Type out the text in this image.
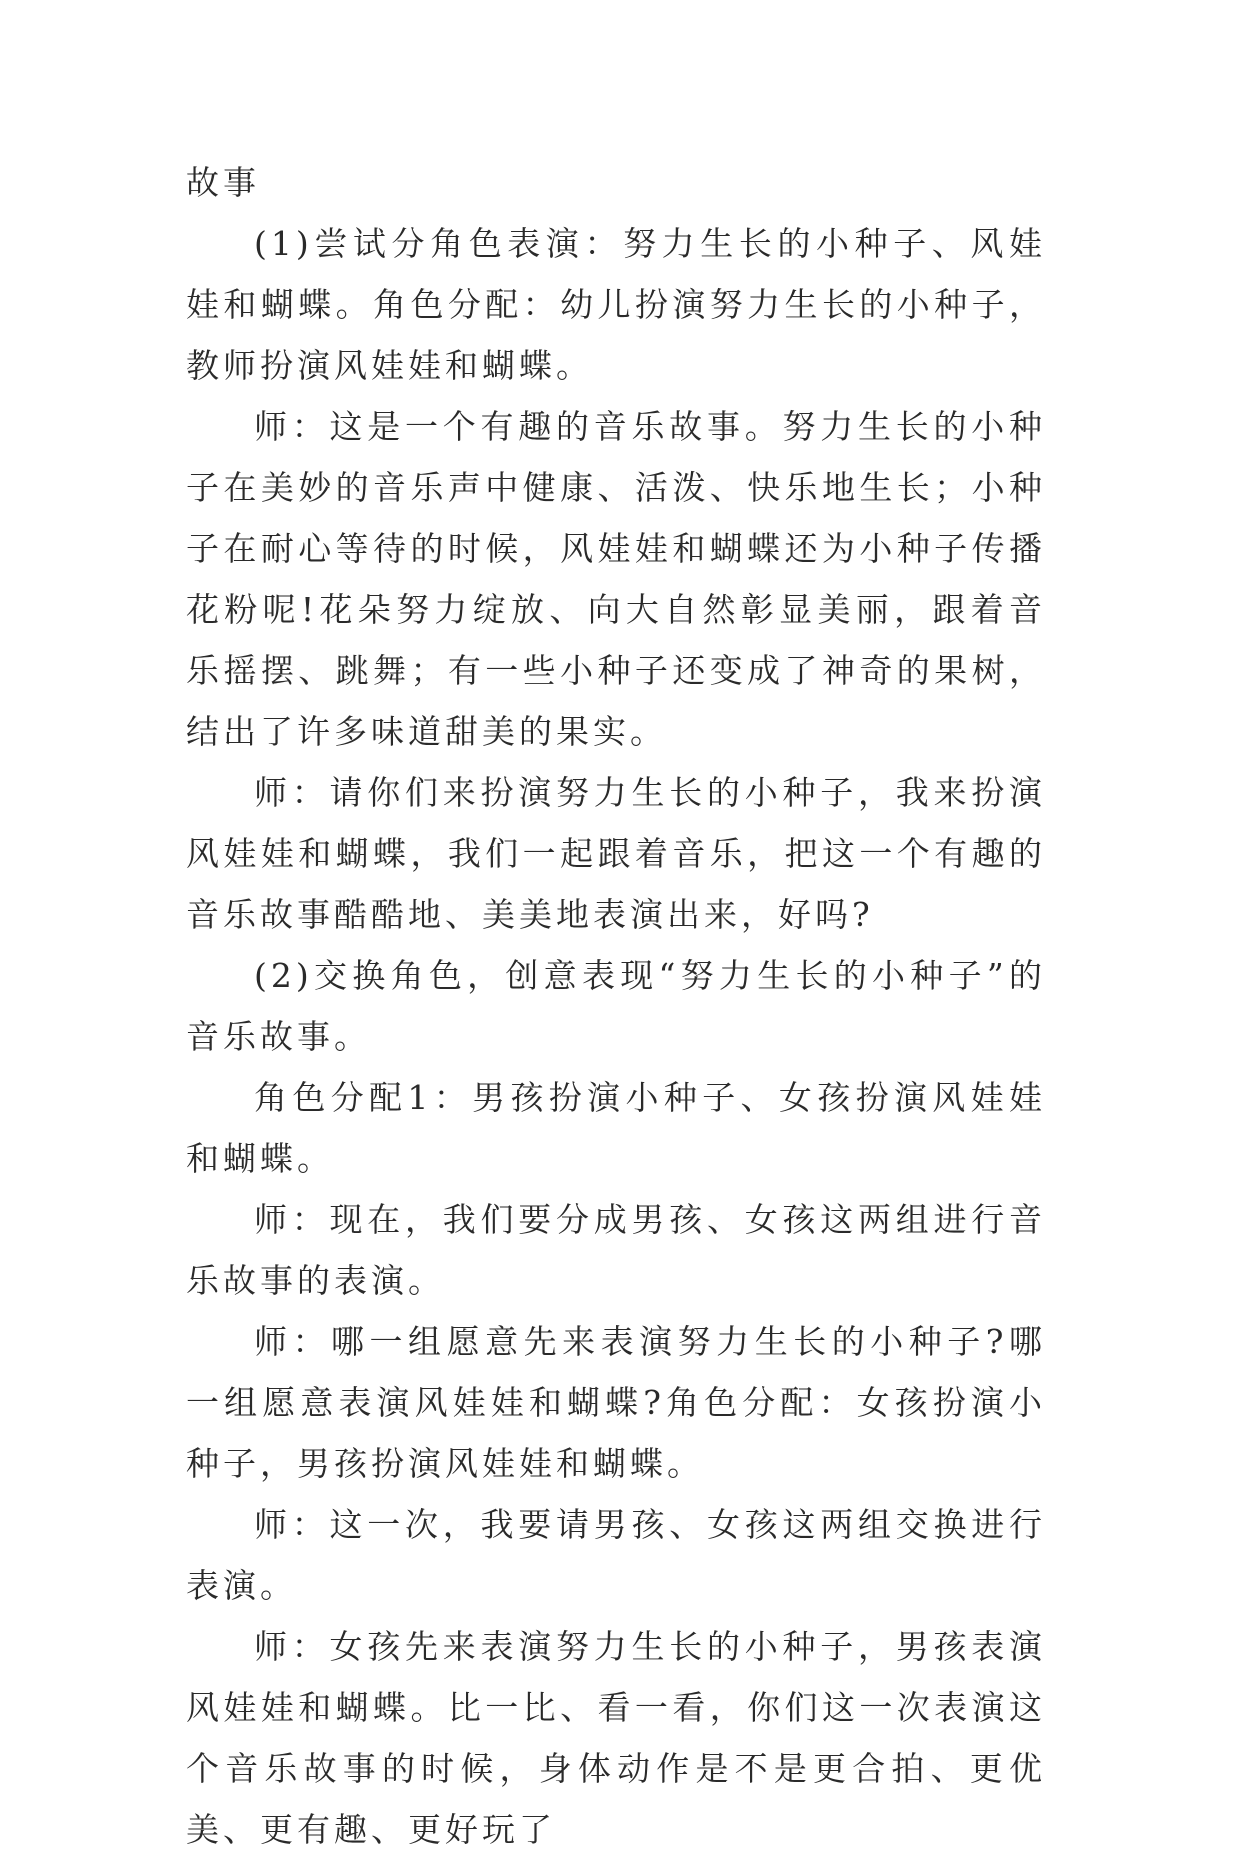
故事

(1)尝试分角色表演：努力生长的小种子、风娃娃和蝴蝶。角色分配：幼儿扮演努力生长的小种子，教师扮演风娃娃和蝴蝶。

师：这是一个有趣的音乐故事。努力生长的小种子在美妙的音乐声中健康、活泼、快乐地生长；小种子在耐心等待的时候，风娃娃和蝴蝶还为小种子传播花粉呢!花朵努力绽放、向大自然彰显美丽，跟着音乐摇摆、跳舞；有一些小种子还变成了神奇的果树，结出了许多味道甜美的果实。

师：请你们来扮演努力生长的小种子，我来扮演风娃娃和蝴蝶，我们一起跟着音乐，把这一个有趣的音乐故事酷酷地、美美地表演出来，好吗?

(2)交换角色，创意表现“努力生长的小种子”的音乐故事。

角色分配1：男孩扮演小种子、女孩扮演风娃娃和蝴蝶。

师：现在，我们要分成男孩、女孩这两组进行音乐故事的表演。

师：哪一组愿意先来表演努力生长的小种子?哪一组愿意表演风娃娃和蝴蝶?角色分配：女孩扮演小种子，男孩扮演风娃娃和蝴蝶。

师：这一次，我要请男孩、女孩这两组交换进行表演。

师：女孩先来表演努力生长的小种子，男孩表演风娃娃和蝴蝶。比一比、看一看，你们这一次表演这个音乐故事的时候，身体动作是不是更合拍、更优美、更有趣、更好玩了
